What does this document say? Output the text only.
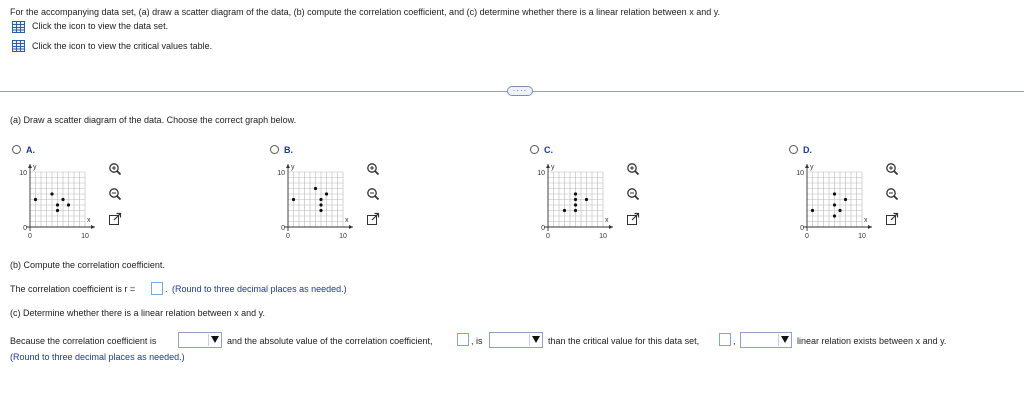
For the accompanying data set, (a) draw a scatter diagram of the data, (b) compute the correlation coefficient, and (c) determine whether there is a linear relation between x and y.
Click the icon to view the data set.
Click the icon to view the critical values table.
····
(a) Draw a scatter diagram of the data. Choose the correct graph below.
A.
10
0
0	10
x
y
B.
10
0
0	10
x
y
C.
10
0
0	10
x
y
D.
10
0
0	10
x
y
(b) Compute the correlation coefficient.
The correlation coefficient is r =	. (Round to three decimal places as needed.)
(c) Determine whether there is a linear relation between x and y.
Because the correlation coefficient is	and the absolute value of the correlation coefficient,	, is	than the critical value for this data set,	,	linear relation exists between x and y.
(Round to three decimal places as needed.)
